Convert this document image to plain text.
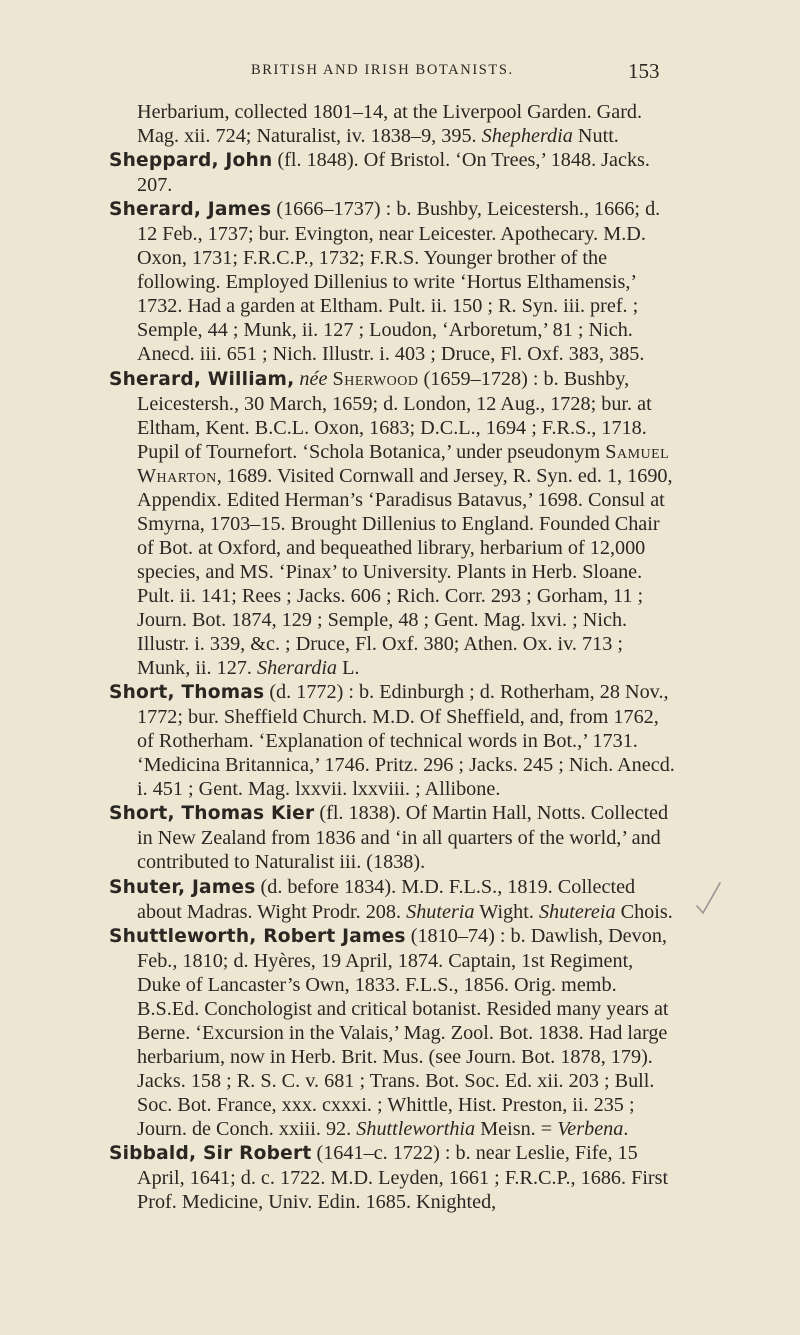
BRITISH AND IRISH BOTANISTS.	153

Herbarium, collected 1801–14, at the Liverpool Garden. Gard. Mag. xii. 724; Naturalist, iv. 1838–9, 395. Shepherdia Nutt.

Sheppard, John (fl. 1848). Of Bristol. ‘On Trees,’ 1848. Jacks. 207.

Sherard, James (1666–1737) : b. Bushby, Leicestersh., 1666; d. 12 Feb., 1737; bur. Evington, near Leicester. Apothecary. M.D. Oxon, 1731; F.R.C.P., 1732; F.R.S. Younger brother of the following. Employed Dillenius to write ‘Hortus Elthamensis,’ 1732. Had a garden at Eltham. Pult. ii. 150 ; R. Syn. iii. pref. ; Semple, 44 ; Munk, ii. 127 ; Loudon, ‘Arboretum,’ 81 ; Nich. Anecd. iii. 651 ; Nich. Illustr. i. 403 ; Druce, Fl. Oxf. 383, 385.

Sherard, William, née Sherwood (1659–1728) : b. Bushby, Leicestersh., 30 March, 1659; d. London, 12 Aug., 1728; bur. at Eltham, Kent. B.C.L. Oxon, 1683; D.C.L., 1694 ; F.R.S., 1718. Pupil of Tournefort. ‘Schola Botanica,’ under pseudonym Samuel Wharton, 1689. Visited Cornwall and Jersey, R. Syn. ed. 1, 1690, Appendix. Edited Herman’s ‘Paradisus Batavus,’ 1698. Consul at Smyrna, 1703–15. Brought Dillenius to England. Founded Chair of Bot. at Oxford, and bequeathed library, herbarium of 12,000 species, and MS. ‘Pinax’ to University. Plants in Herb. Sloane. Pult. ii. 141; Rees ; Jacks. 606 ; Rich. Corr. 293 ; Gorham, 11 ; Journ. Bot. 1874, 129 ; Semple, 48 ; Gent. Mag. lxvi. ; Nich. Illustr. i. 339, &c. ; Druce, Fl. Oxf. 380; Athen. Ox. iv. 713 ; Munk, ii. 127. Sherardia L.

Short, Thomas (d. 1772) : b. Edinburgh ; d. Rotherham, 28 Nov., 1772; bur. Sheffield Church. M.D. Of Sheffield, and, from 1762, of Rotherham. ‘Explanation of technical words in Bot.,’ 1731. ‘Medicina Britannica,’ 1746. Pritz. 296 ; Jacks. 245 ; Nich. Anecd. i. 451 ; Gent. Mag. lxxvii. lxxviii. ; Allibone.

Short, Thomas Kier (fl. 1838). Of Martin Hall, Notts. Collected in New Zealand from 1836 and ‘in all quarters of the world,’ and contributed to Naturalist iii. (1838).

Shuter, James (d. before 1834). M.D. F.L.S., 1819. Collected about Madras. Wight Prodr. 208. Shuteria Wight. Shutereia Chois.

Shuttleworth, Robert James (1810–74) : b. Dawlish, Devon, Feb., 1810; d. Hyères, 19 April, 1874. Captain, 1st Regiment, Duke of Lancaster’s Own, 1833. F.L.S., 1856. Orig. memb. B.S.Ed. Conchologist and critical botanist. Resided many years at Berne. ‘Excursion in the Valais,’ Mag. Zool. Bot. 1838. Had large herbarium, now in Herb. Brit. Mus. (see Journ. Bot. 1878, 179). Jacks. 158 ; R. S. C. v. 681 ; Trans. Bot. Soc. Ed. xii. 203 ; Bull. Soc. Bot. France, xxx. cxxxi. ; Whittle, Hist. Preston, ii. 235 ; Journ. de Conch. xxiii. 92. Shuttleworthia Meisn. = Verbena.

Sibbald, Sir Robert (1641–c. 1722) : b. near Leslie, Fife, 15 April, 1641; d. c. 1722. M.D. Leyden, 1661 ; F.R.C.P., 1686. First Prof. Medicine, Univ. Edin. 1685. Knighted,
